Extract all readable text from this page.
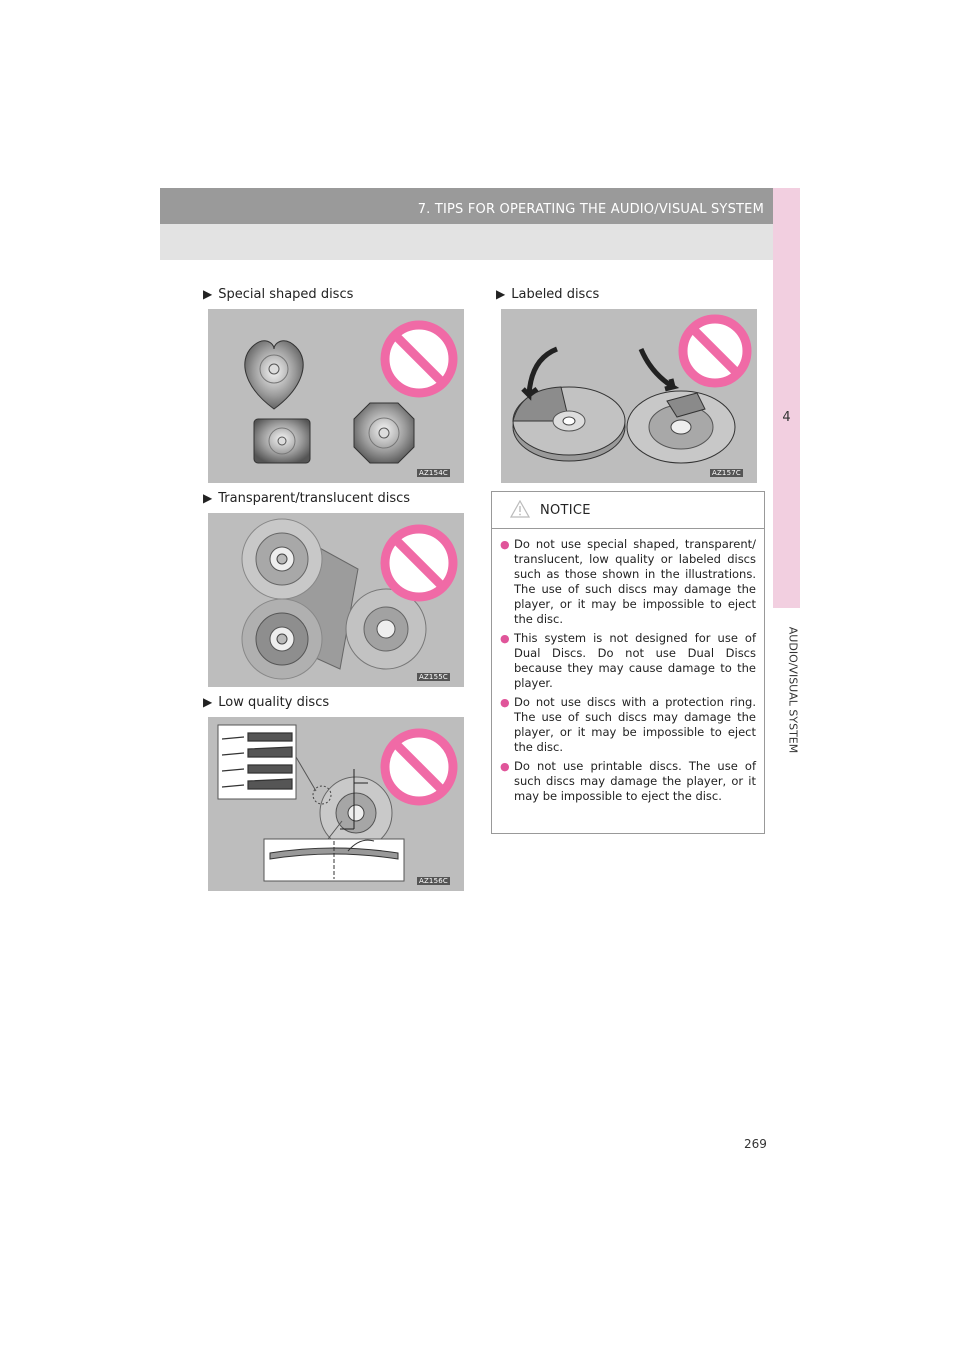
7. TIPS FOR OPERATING THE AUDIO/VISUAL SYSTEM
4
AUDIO/VISUAL SYSTEM
▶ Special shaped discs
▶ Transparent/translucent discs
▶ Low quality discs
▶ Labeled discs
AZ154C
AZ155C
AZ156C
AZ157C
NOTICE
● Do not use special shaped, transparent/ translucent, low quality or labeled discs such as those shown in the illustrations. The use of such discs may damage the player, or it may be impossible to eject the disc.
● This system is not designed for use of Dual Discs. Do not use Dual Discs because they may cause damage to the player.
● Do not use discs with a protection ring. The use of such discs may damage the player, or it may be impossible to eject the disc.
● Do not use printable discs. The use of such discs may damage the player, or it may be impossible to eject the disc.
269
